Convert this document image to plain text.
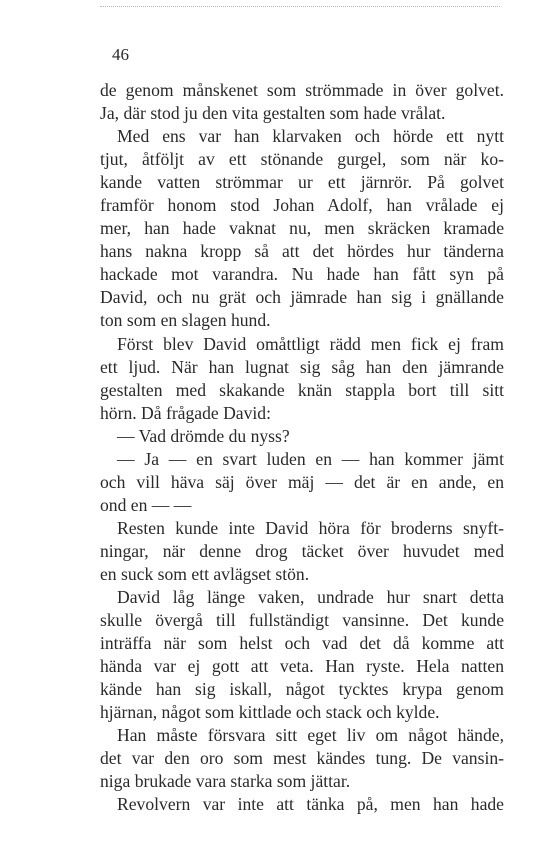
46
de genom månskenet som strömmade in över golvet.
Ja, där stod ju den vita gestalten som hade vrålat.
Med ens var han klarvaken och hörde ett nytt
tjut, åtföljt av ett stönande gurgel, som när ko-
kande vatten strömmar ur ett järnrör. På golvet
framför honom stod Johan Adolf, han vrålade ej
mer, han hade vaknat nu, men skräcken kramade
hans nakna kropp så att det hördes hur tänderna
hackade mot varandra. Nu hade han fått syn på
David, och nu grät och jämrade han sig i gnällande
ton som en slagen hund.
Först blev David omåttligt rädd men fick ej fram
ett ljud. När han lugnat sig såg han den jämrande
gestalten med skakande knän stappla bort till sitt
hörn. Då frågade David:
— Vad drömde du nyss?
— Ja — en svart luden en — han kommer jämt
och vill häva säj över mäj — det är en ande, en
ond en — —
Resten kunde inte David höra för broderns snyft-
ningar, när denne drog täcket över huvudet med
en suck som ett avlägset stön.
David låg länge vaken, undrade hur snart detta
skulle övergå till fullständigt vansinne. Det kunde
inträffa när som helst och vad det då komme att
hända var ej gott att veta. Han ryste. Hela natten
kände han sig iskall, något tycktes krypa genom
hjärnan, något som kittlade och stack och kylde.
Han måste försvara sitt eget liv om något hände,
det var den oro som mest kändes tung. De vansin-
niga brukade vara starka som jättar.
Revolvern var inte att tänka på, men han hade
